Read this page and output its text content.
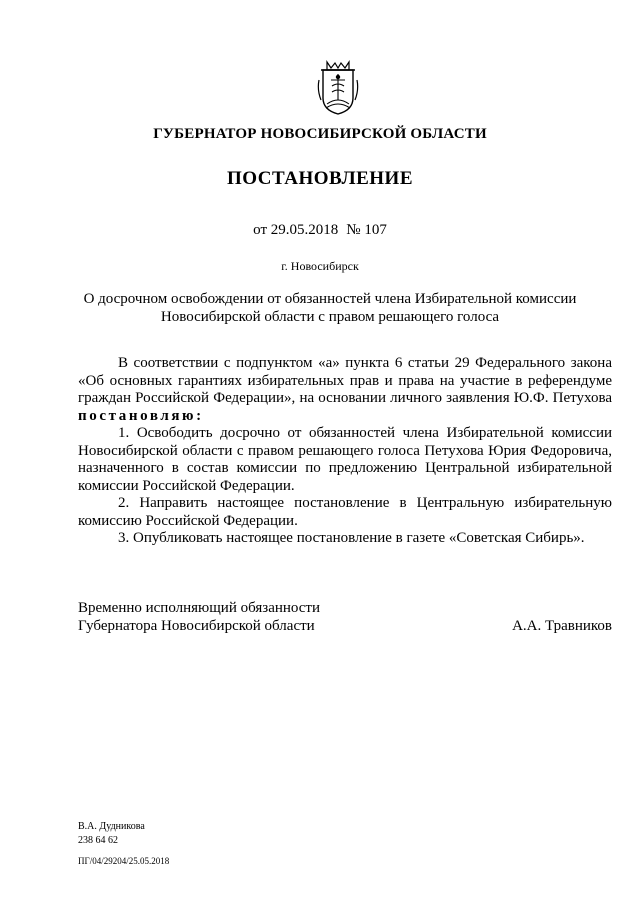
ГУБЕРНАТОР НОВОСИБИРСКОЙ ОБЛАСТИ
ПОСТАНОВЛЕНИЕ
от 29.05.2018 № 107
г. Новосибирск
О досрочном освобождении от обязанностей члена Избирательной комиссии Новосибирской области с правом решающего голоса

В соответствии с подпунктом «а» пункта 6 статьи 29 Федерального закона «Об основных гарантиях избирательных прав и права на участие в референдуме граждан Российской Федерации», на основании личного заявления Ю.Ф. Петухова постановляю:

1. Освободить досрочно от обязанностей члена Избирательной комиссии Новосибирской области с правом решающего голоса Петухова Юрия Федоровича, назначенного в состав комиссии по предложению Центральной избирательной комиссии Российской Федерации.

2. Направить настоящее постановление в Центральную избирательную комиссию Российской Федерации.

3. Опубликовать настоящее постановление в газете «Советская Сибирь».

Временно исполняющий обязанности
Губернатора Новосибирской области	А.А. Травников
В.А. Дудникова
238 64 62
ПГ/04/29204/25.05.2018
